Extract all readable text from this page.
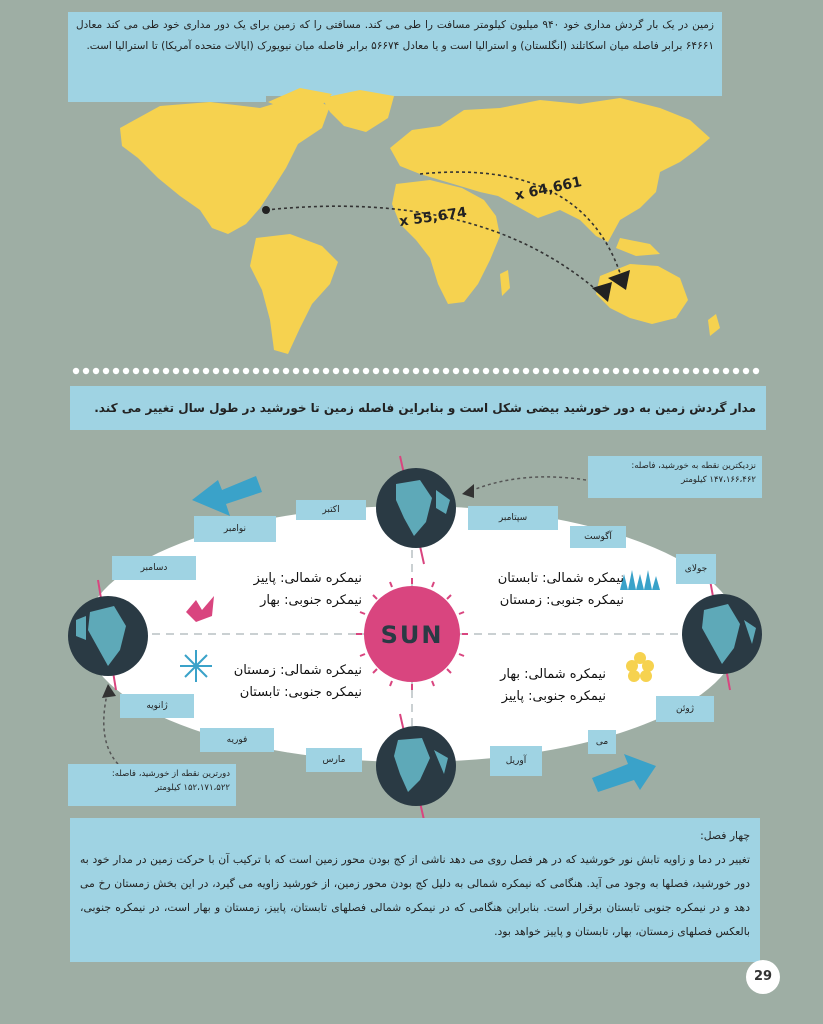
زمین در یک بار گردش مداری خود ۹۴۰ میلیون کیلومتر مسافت را طی می کند. مسافتی را که زمین برای یک دور مداری خود طی می کند معادل ۶۴۶۶۱ برابر فاصله میان اسکاتلند (انگلستان) و استرالیا است و یا معادل ۵۶۶۷۴ برابر فاصله میان نیویورک (ایالات متحده آمریکا) تا استرالیا است.
x 64,661
x 55,674
مدار گردش زمین به دور خورشید بیضی شکل است و بنابراین فاصله زمین تا خورشید در طول سال تغییر می کند.
SUN
اکتبر
سپتامبر
نوامبر
آگوست
دسامبر	جولای
ژانویه	ژوئن
فوریه	می
مارس	آوریل
نیمکره شمالی: پاییز
نیمکره جنوبی: بهار
نیمکره شمالی: تابستان
نیمکره جنوبی: زمستان
نیمکره شمالی: زمستان
نیمکره جنوبی: تابستان
نیمکره شمالی: بهار
نیمکره جنوبی: پاییز
نزدیکترین نقطه به خورشید، فاصله:
۱۴۷،۱۶۶،۴۶۲ کیلومتر
دورترین نقطه از خورشید، فاصله:
۱۵۲،۱۷۱،۵۲۲ کیلومتر
چهار فصل:
تغییر در دما و زاویه تابش نور خورشید که در هر فصل روی می دهد ناشی از کج بودن محور زمین است که با ترکیب آن با حرکت زمین در مدار خود به دور خورشید، فصلها به وجود می آید. هنگامی که نیمکره شمالی به دلیل کج بودن محور زمین، از خورشید زاویه می گیرد، در این بخش زمستان رخ می دهد و در نیمکره جنوبی تابستان برقرار است. بنابراین هنگامی که در نیمکره شمالی فصلهای تابستان، پاییز، زمستان و بهار است، در نیمکره جنوبی، بالعکس فصلهای زمستان، بهار، تابستان و پاییز خواهد بود.
29
